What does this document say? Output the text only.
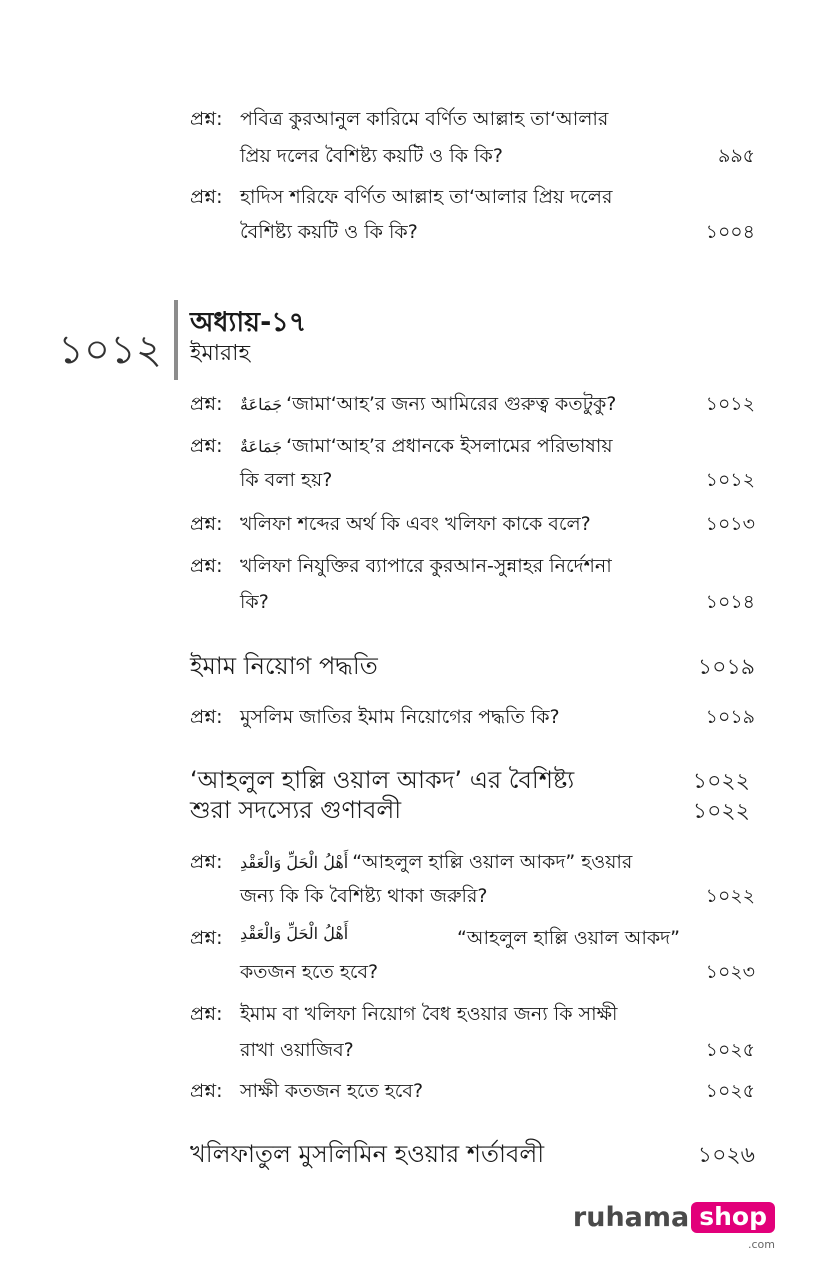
প্রশ্ন: পবিত্র কুরআনুল কারিমে বর্ণিত আল্লাহ তা‘আলার
প্রিয় দলের বৈশিষ্ট্য কয়টি ও কি কি?	৯৯৫
প্রশ্ন: হাদিস শরিফে বর্ণিত আল্লাহ তা‘আলার প্রিয় দলের
বৈশিষ্ট্য কয়টি ও কি কি?	১০০৪
১০১২
অধ্যায়-১৭
ইমারাহ
প্রশ্ন: جَمَاعَةٌ ‘জামা‘আহ’র জন্য আমিরের গুরুত্ব কতটুকু?	১০১২
প্রশ্ন: جَمَاعَةٌ ‘জামা‘আহ’র প্রধানকে ইসলামের পরিভাষায়
কি বলা হয়?	১০১২
প্রশ্ন: খলিফা শব্দের অর্থ কি এবং খলিফা কাকে বলে?	১০১৩
প্রশ্ন: খলিফা নিযুক্তির ব্যাপারে কুরআন-সুন্নাহর নির্দেশনা
কি?	১০১৪
ইমাম নিয়োগ পদ্ধতি	১০১৯
প্রশ্ন: মুসলিম জাতির ইমাম নিয়োগের পদ্ধতি কি?	১০১৯
‘আহলুল হাল্লি ওয়াল আকদ’ এর বৈশিষ্ট্য	১০২২
শুরা সদস্যের গুণাবলী	১০২২
প্রশ্ন: أَهْلُ الْحَلِّ وَالْعَقْدِ “আহলুল হাল্লি ওয়াল আকদ” হওয়ার
জন্য কি কি বৈশিষ্ট্য থাকা জরুরি?	১০২২
প্রশ্ন: أَهْلُ الْحَلِّ وَالْعَقْدِ	“আহলুল হাল্লি ওয়াল আকদ”
কতজন হতে হবে?	১০২৩
প্রশ্ন: ইমাম বা খলিফা নিয়োগ বৈধ হওয়ার জন্য কি সাক্ষী
রাখা ওয়াজিব?	১০২৫
প্রশ্ন: সাক্ষী কতজন হতে হবে?	১০২৫
খলিফাতুল মুসলিমিন হওয়ার শর্তাবলী	১০২৬
ruhama shop
.com
